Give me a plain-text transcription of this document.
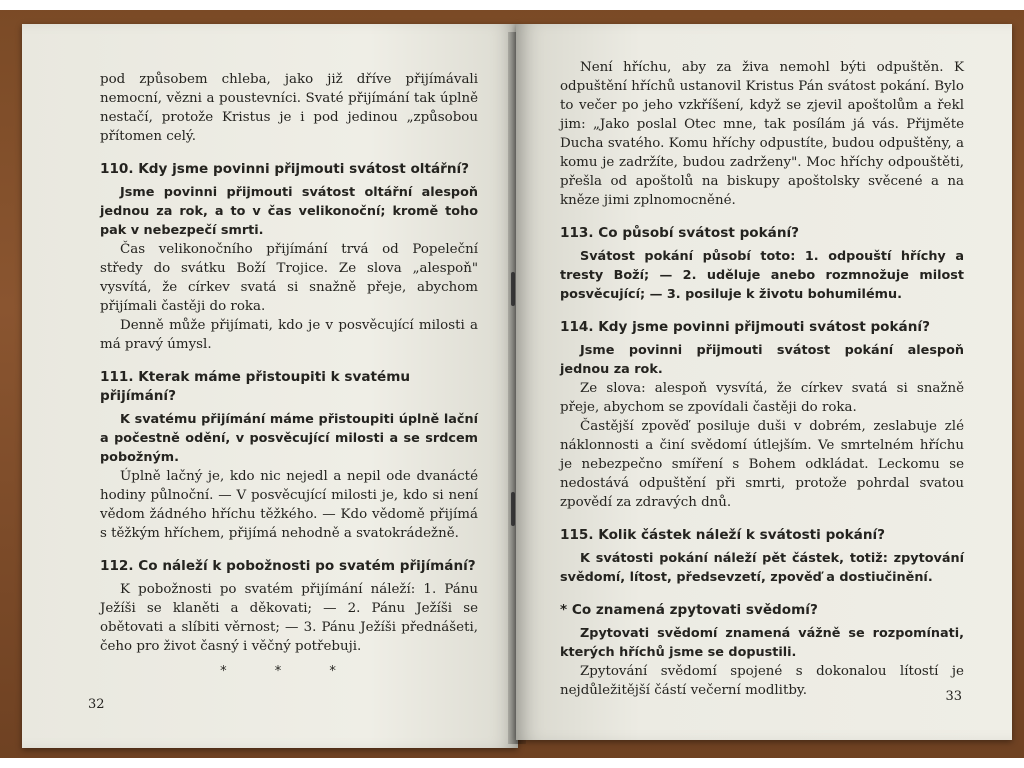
pod způsobem chleba, jako již dříve přijímávali nemocní, vězni a poustevníci. Svaté přijímání tak úplně nestačí, protože Kristus je i pod jedinou „způsobou přítomen celý.

110. Kdy jsme povinni přijmouti svátost oltářní?

Jsme povinni přijmouti svátost oltářní alespoň jednou za rok, a to v čas velikonoční; kromě toho pak v nebezpečí smrti.

Čas velikonočního přijímání trvá od Popeleční středy do svátku Boží Trojice. Ze slova „alespoň" vysvítá, že církev svatá si snažně přeje, abychom přijímali častěji do roka.

Denně může přijímati, kdo je v posvěcující milosti a má pravý úmysl.

111. Kterak máme přistoupiti k svatému přijímání?

K svatému přijímání máme přistoupiti úplně lační a počestně odění, v posvěcující milosti a se srdcem pobožným.

Úplně lačný je, kdo nic nejedl a nepil ode dvanácté hodiny půlnoční. — V posvěcující milosti je, kdo si není vědom žádného hříchu těžkého. — Kdo vědomě přijímá s těžkým hříchem, přijímá nehodně a svatokrádežně.

112. Co náleží k pobožnosti po svatém přijímání?

K pobožnosti po svatém přijímání náleží: 1. Pánu Ježíši se klaněti a děkovati; — 2. Pánu Ježíši se obětovati a slíbiti věrnost; — 3. Pánu Ježíši přednášeti, čeho pro život časný i věčný potřebuji.

* * *
32

Není hříchu, aby za živa nemohl býti odpuštěn. K odpuštění hříchů ustanovil Kristus Pán svátost pokání. Bylo to večer po jeho vzkříšení, když se zjevil apoštolům a řekl jim: „Jako poslal Otec mne, tak posílám já vás. Přijměte Ducha svatého. Komu hříchy odpustíte, budou odpuštěny, a komu je zadržíte, budou zadrženy". Moc hříchy odpouštěti, přešla od apoštolů na biskupy apoštolsky svěcené a na kněze jimi zplnomocněné.

113. Co působí svátost pokání?

Svátost pokání působí toto: 1. odpouští hříchy a tresty Boží; — 2. uděluje anebo rozmnožuje milost posvěcující; — 3. posiluje k životu bohumilému.

114. Kdy jsme povinni přijmouti svátost pokání?

Jsme povinni přijmouti svátost pokání alespoň jednou za rok.

Ze slova: alespoň vysvítá, že církev svatá si snažně přeje, abychom se zpovídali častěji do roka.

Častější zpověď posiluje duši v dobrém, zeslabuje zlé náklonnosti a činí svědomí útlejším. Ve smrtelném hříchu je nebezpečno smíření s Bohem odkládat. Leckomu se nedostává odpuštění při smrti, protože pohrdal svatou zpovědí za zdravých dnů.

115. Kolik částek náleží k svátosti pokání?

K svátosti pokání náleží pět částek, totiž: zpytování svědomí, lítost, předsevzetí, zpověď a dostiučinění.

* Co znamená zpytovati svědomí?

Zpytovati svědomí znamená vážně se rozpomínati, kterých hříchů jsme se dopustili.

Zpytování svědomí spojené s dokonalou lítostí je nejdůležitější částí večerní modlitby.	33
